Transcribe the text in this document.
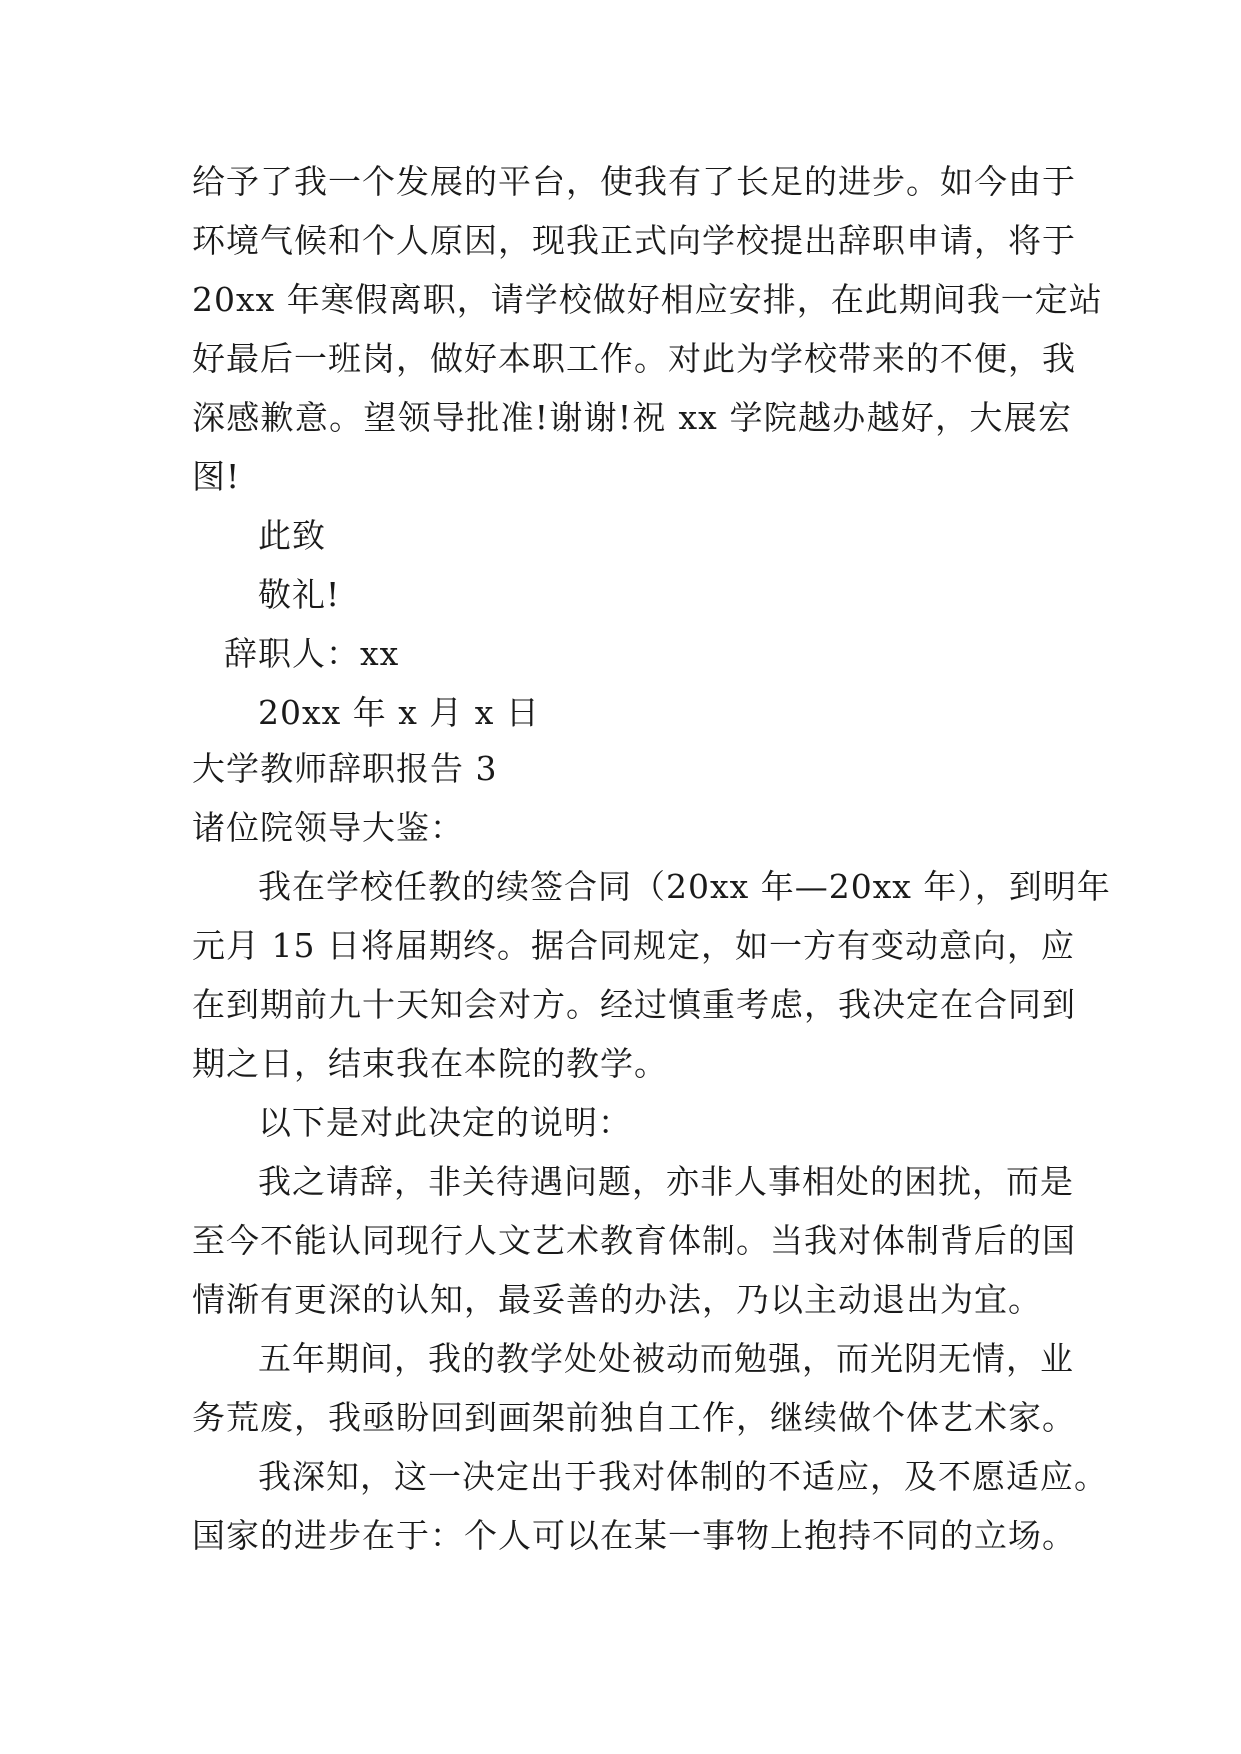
给予了我一个发展的平台，使我有了长足的进步。如今由于
环境气候和个人原因，现我正式向学校提出辞职申请，将于
20xx 年寒假离职，请学校做好相应安排，在此期间我一定站
好最后一班岗，做好本职工作。对此为学校带来的不便，我
深感歉意。望领导批准!谢谢!祝 xx 学院越办越好，大展宏
图!
此致
敬礼!
辞职人：xx
20xx 年 x 月 x 日
大学教师辞职报告 3
诸位院领导大鉴：
我在学校任教的续签合同（20xx 年—20xx 年），到明年
元月 15 日将届期终。据合同规定，如一方有变动意向，应
在到期前九十天知会对方。经过慎重考虑，我决定在合同到
期之日，结束我在本院的教学。
以下是对此决定的说明：
我之请辞，非关待遇问题，亦非人事相处的困扰，而是
至今不能认同现行人文艺术教育体制。当我对体制背后的国
情渐有更深的认知，最妥善的办法，乃以主动退出为宜。
五年期间，我的教学处处被动而勉强，而光阴无情，业
务荒废，我亟盼回到画架前独自工作，继续做个体艺术家。
我深知，这一决定出于我对体制的不适应，及不愿适应。
国家的进步在于：个人可以在某一事物上抱持不同的立场。
